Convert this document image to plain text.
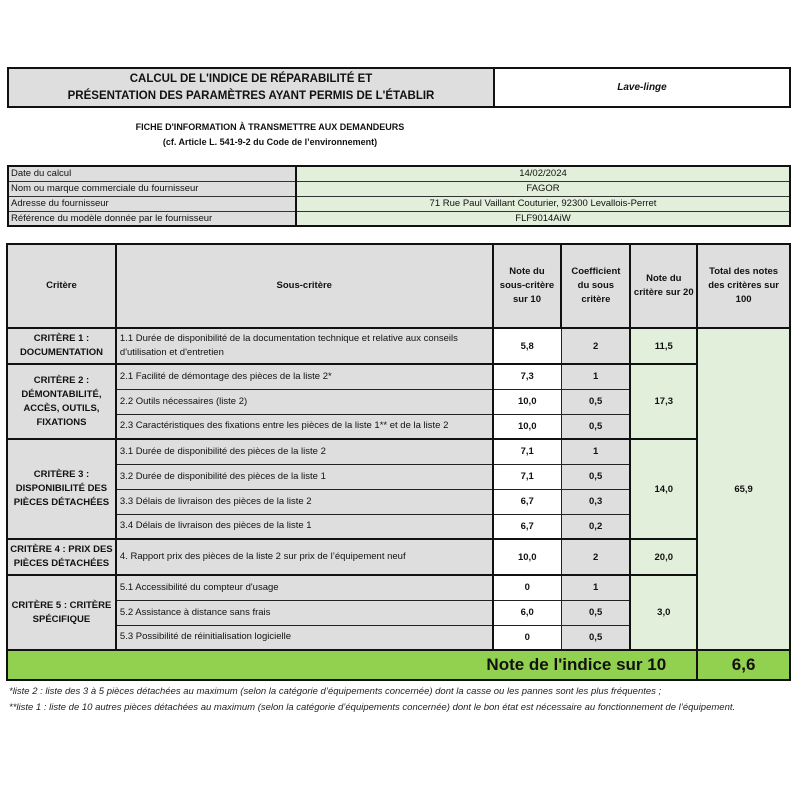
CALCUL DE L'INDICE DE RÉPARABILITÉ ET
PRÉSENTATION DES PARAMÈTRES AYANT PERMIS DE L'ÉTABLIR
Lave-linge
FICHE D'INFORMATION À TRANSMETTRE AUX DEMANDEURS
(cf. Article L. 541-9-2 du Code de l’environnement)
Date du calcul	14/02/2024
Nom ou marque commerciale du fournisseur	FAGOR
Adresse du fournisseur	71 Rue Paul Vaillant Couturier, 92300 Levallois-Perret
Référence du modèle donnée par le fournisseur	FLF9014AiW
Critère	Sous-critère	Note du sous-critère sur 10	Coefficient du sous critère	Note du critère sur 20	Total des notes des critères sur 100
CRITÈRE 1 : DOCUMENTATION	1.1 Durée de disponibilité de la documentation technique et relative aux conseils d'utilisation et d'entretien	5,8	2	11,5	65,9
CRITÈRE 2 : DÉMONTABILITÉ, ACCÈS, OUTILS, FIXATIONS	2.1 Facilité de démontage des pièces de la liste 2*	7,3	1	17,3	
	2.2 Outils nécessaires (liste 2)	10,0	0,5		
	2.3 Caractéristiques des fixations entre les pièces de la liste 1** et de la liste 2	10,0	0,5		
CRITÈRE 3 : DISPONIBILITÉ DES PIÈCES DÉTACHÉES	3.1 Durée de disponibilité des pièces de la liste 2	7,1	1	14,0	
	3.2 Durée de disponibilité des pièces de la liste 1	7,1	0,5		
	3.3 Délais de livraison des pièces de la liste 2	6,7	0,3		
	3.4 Délais de livraison des pièces de la liste 1	6,7	0,2		
CRITÈRE 4 : PRIX DES PIÈCES DÉTACHÉES	4. Rapport prix des pièces de la liste 2 sur prix de l’équipement neuf	10,0	2	20,0	
CRITÈRE 5 : CRITÈRE SPÉCIFIQUE	5.1 Accessibilité du compteur d'usage	0	1	3,0	
	5.2 Assistance à distance sans frais	6,0	0,5		
	5.3 Possibilité de réinitialisation logicielle	0	0,5		
Note de l'indice sur 10					6,6
*liste 2 : liste des 3 à 5 pièces détachées au maximum (selon la catégorie d’équipements concernée) dont la casse ou les pannes sont les plus fréquentes ;
**liste 1 : liste de 10 autres pièces détachées au maximum (selon la catégorie d’équipements concernée) dont le bon état est nécessaire au fonctionnement de l’équipement.
